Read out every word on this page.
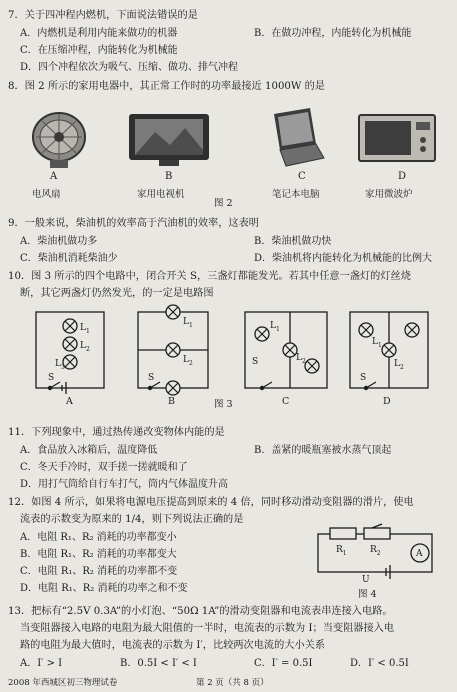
7．关于四冲程内燃机，下面说法错误的是
A．内燃机是利用内能来做功的机器	B．在做功冲程，内能转化为机械能
C．在压缩冲程，内能转化为机械能
D．四个冲程依次为吸气、压缩、做功、排气冲程
8．图 2 所示的家用电器中，其正常工作时的功率最接近 1000W 的是
A	B	C	D
电风扇	家用电视机	笔记本电脑	家用微波炉
图 2
9．一般来说，柴油机的效率高于汽油机的效率，这表明
A．柴油机做功多	B．柴油机做功快
C．柴油机消耗柴油少	D．柴油机将内能转化为机械能的比例大
10．图 3 所示的四个电路中，闭合开关 S，三盏灯都能发光。若其中任意一盏灯的灯丝烧
断，其它两盏灯仍然发光，的一定是电路图
$L_1$
$L_2$
$L_3$
S
$L_1$
$L_2$
S
$L_1$
$L_2$
S
$L_1$
$L_2$
S
A	B	C	D
图 3
11．下列现象中，通过热传递改变物体内能的是
A．食品放入冰箱后，温度降低	B．盖紧的暖瓶塞被水蒸气顶起
C．冬天手冷时，双手搓一搓就暖和了
D．用打气筒给自行车打气，筒内气体温度升高
12．如图 4 所示，如果将电源电压提高到原来的 4 倍，同时移动滑动变阻器的滑片，使电
流表的示数变为原来的 1/4，则下列说法正确的是
A．电阻 R₁、R₂ 消耗的功率都变小
B．电阻 R₁、R₂ 消耗的功率都变大
C．电阻 R₁、R₂ 消耗的功率都不变
D．电阻 R₁、R₂ 消耗的功率之和不变
$R_1$	$R_2$	A
U
图 4
13．把标有“2.5V 0.3A”的小灯泡、“50Ω 1A”的滑动变阻器和电流表串连接入电路。
当变阻器接入电路的电阻为最大阻值的一半时，电流表的示数为 I；当变阻器接入电
路的电阻为最大值时，电流表的示数为 I′，比较两次电流的大小关系
A．I′ > I	B．0.5I < I′ < I	C．I′ = 0.5I	D．I′ < 0.5I
2008 年西城区初三物理试卷	第 2 页（共 8 页）
